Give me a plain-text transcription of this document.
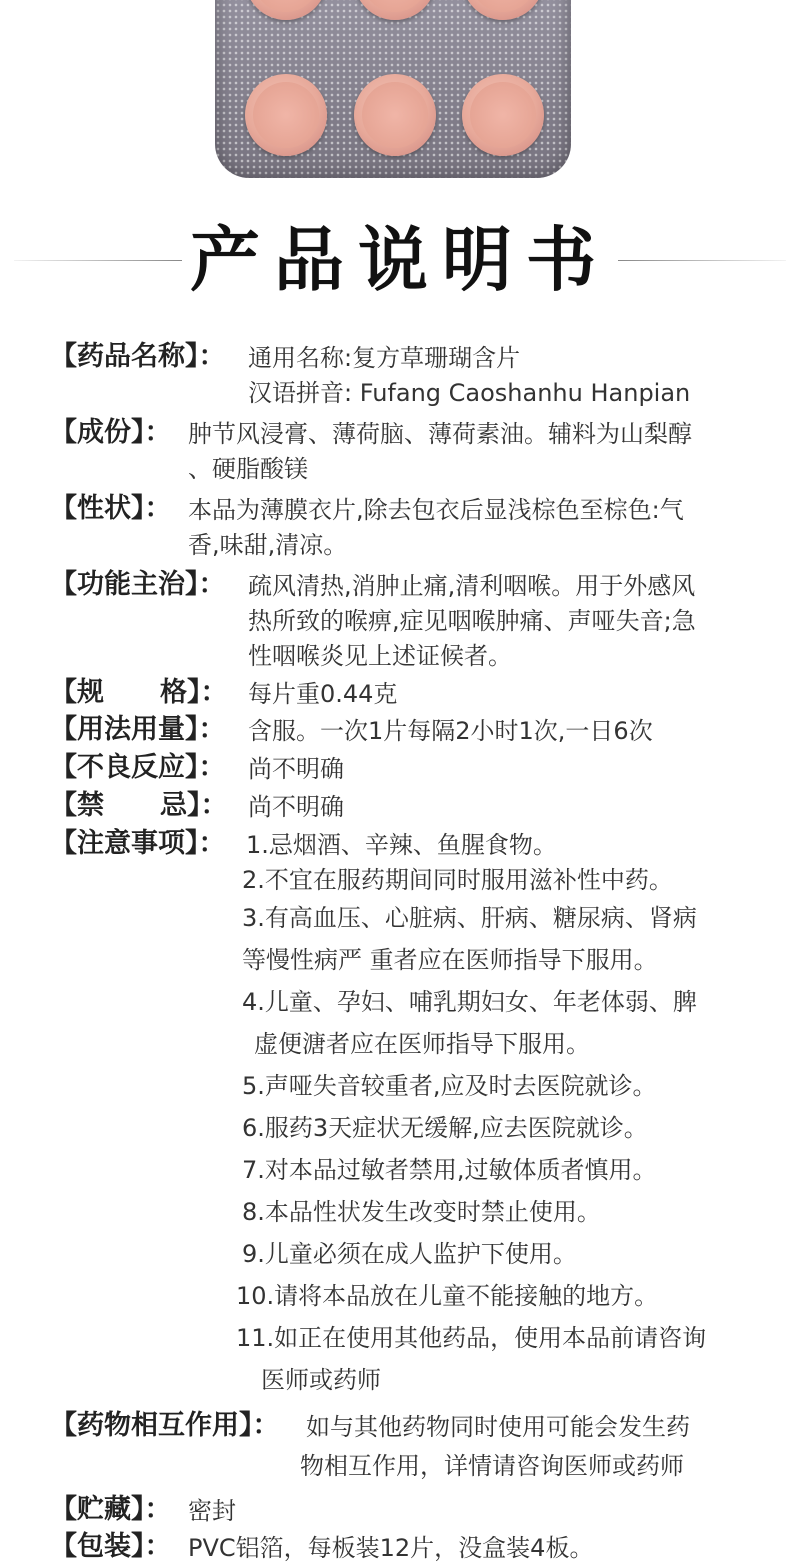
产品说明书
【药品名称】： 通用名称:复方草珊瑚含片
汉语拼音: Fufang Caoshanhu Hanpian
【成份】： 肿节风浸膏、薄荷脑、薄荷素油。辅料为山梨醇
、硬脂酸镁
【性状】： 本品为薄膜衣片,除去包衣后显浅棕色至棕色:气
香,味甜,清凉。
【功能主治】： 疏风清热,消肿止痛,清利咽喉。用于外感风
热所致的喉痹,症见咽喉肿痛、声哑失音;急
性咽喉炎见上述证候者。
【规 格】： 每片重0.44克
【用法用量】： 含服。一次1片每隔2小时1次,一日6次
【不良反应】： 尚不明确
【禁 忌】： 尚不明确
【注意事项】： 1.忌烟酒、辛辣、鱼腥食物。
2.不宜在服药期间同时服用滋补性中药。
3.有高血压、心脏病、肝病、糖尿病、肾病
等慢性病严 重者应在医师指导下服用。
4.儿童、孕妇、哺乳期妇女、年老体弱、脾
虚便溏者应在医师指导下服用。
5.声哑失音较重者,应及时去医院就诊。
6.服药3天症状无缓解,应去医院就诊。
7.对本品过敏者禁用,过敏体质者慎用。
8.本品性状发生改变时禁止使用。
9.儿童必须在成人监护下使用。
10.请将本品放在儿童不能接触的地方。
11.如正在使用其他药品，使用本品前请咨询
医师或药师
【药物相互作用】： 如与其他药物同时使用可能会发生药
物相互作用，详情请咨询医师或药师
【贮藏】： 密封
【包装】： PVC铝箔，每板装12片，没盒装4板。
